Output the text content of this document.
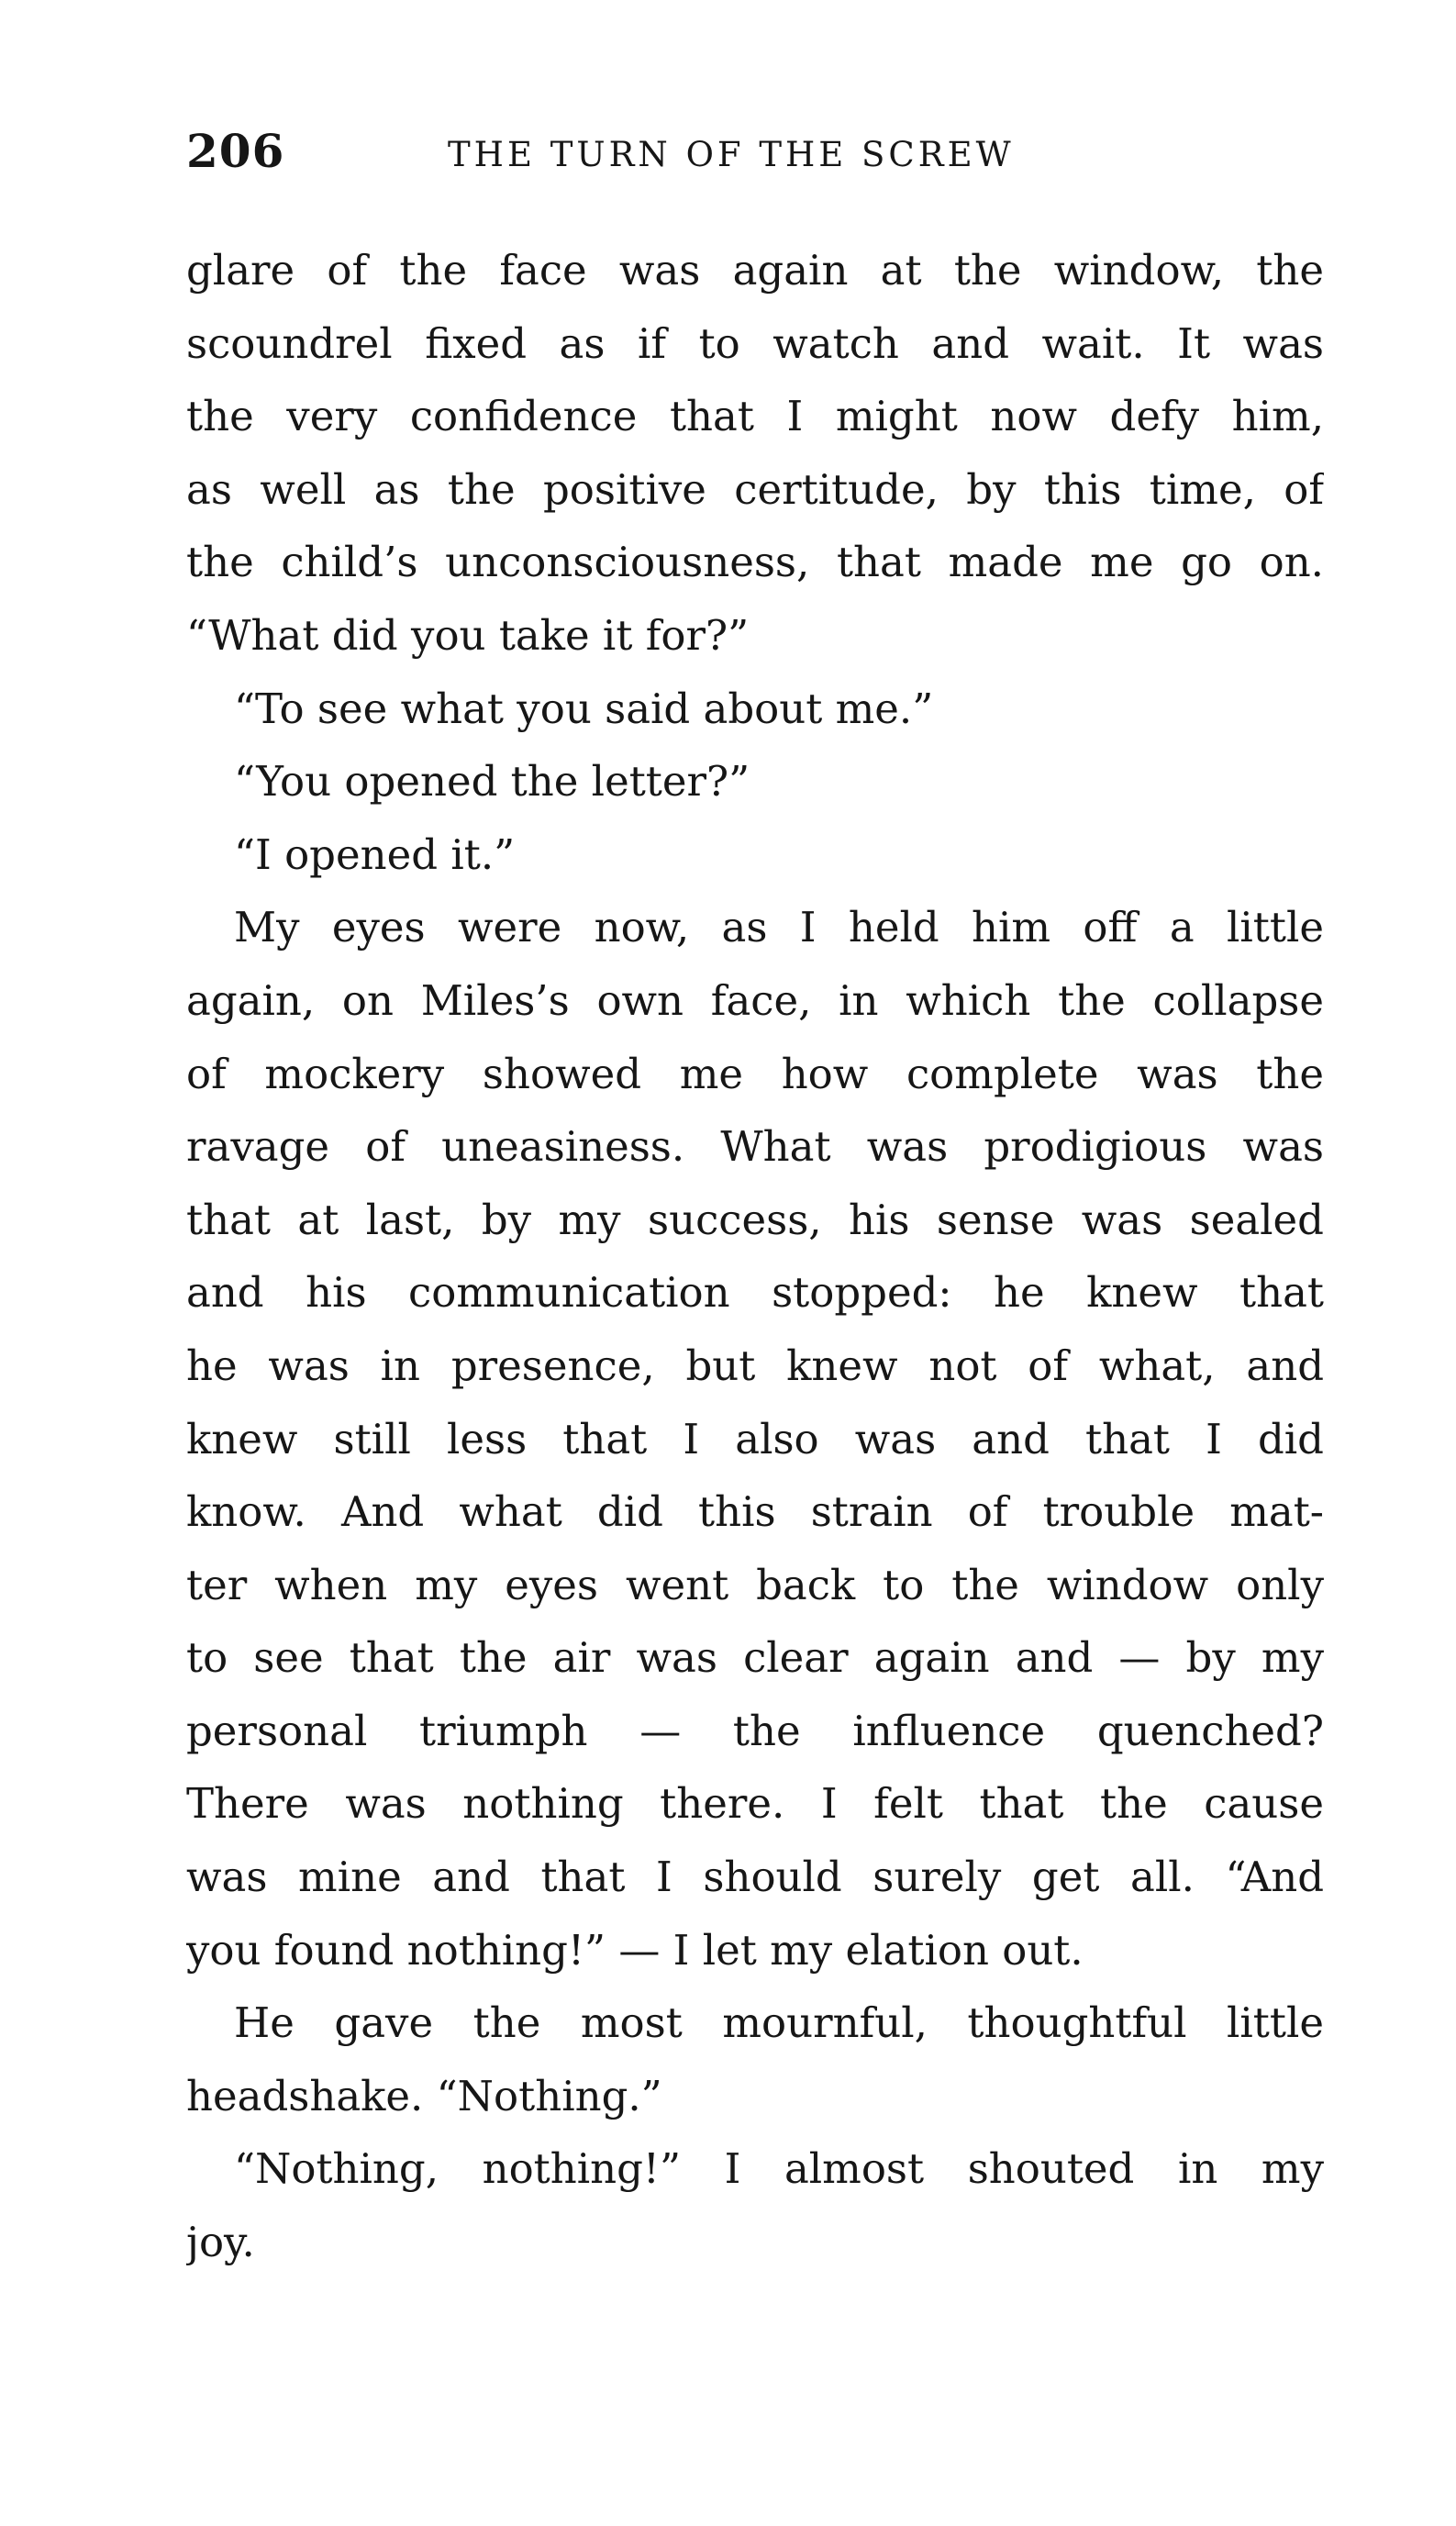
206	THE TURN OF THE SCREW
glare of the face was again at the window, the
scoundrel fixed as if to watch and wait. It was
the very confidence that I might now defy him,
as well as the positive certitude, by this time, of
the child’s unconsciousness, that made me go on.
“What did you take it for?”
“To see what you said about me.”
“You opened the letter?”
“I opened it.”
My eyes were now, as I held him off a little
again, on Miles’s own face, in which the collapse
of mockery showed me how complete was the
ravage of uneasiness. What was prodigious was
that at last, by my success, his sense was sealed
and his communication stopped: he knew that
he was in presence, but knew not of what, and
knew still less that I also was and that I did
know. And what did this strain of trouble mat-
ter when my eyes went back to the window only
to see that the air was clear again and — by my
personal triumph — the influence quenched?
There was nothing there. I felt that the cause
was mine and that I should surely get all. “And
you found nothing!” — I let my elation out.
He gave the most mournful, thoughtful little
headshake. “Nothing.”
“Nothing, nothing!” I almost shouted in my
joy.
